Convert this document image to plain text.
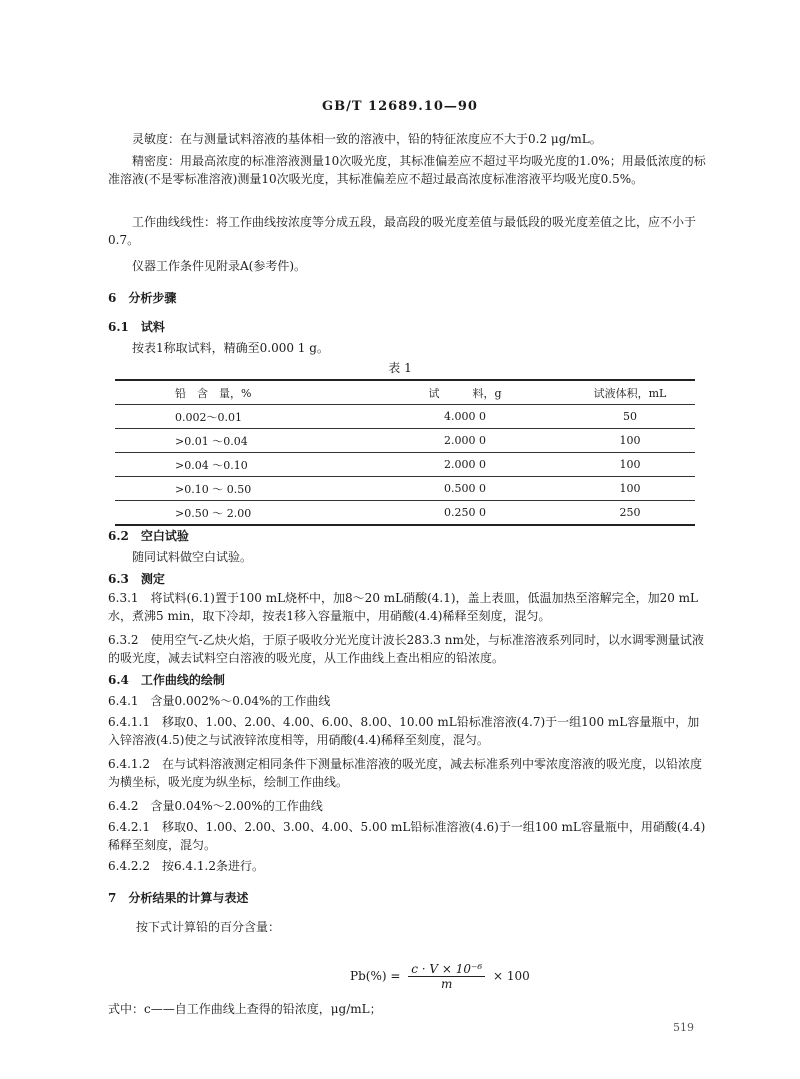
GB/T 12689.10—90

灵敏度：在与测量试料溶液的基体相一致的溶液中，铅的特征浓度应不大于0.2 μg/mL。

精密度：用最高浓度的标准溶液测量10次吸光度，其标准偏差应不超过平均吸光度的1.0%；用最低浓度的标准溶液(不是零标准溶液)测量10次吸光度，其标准偏差应不超过最高浓度标准溶液平均吸光度0.5%。

工作曲线线性：将工作曲线按浓度等分成五段，最高段的吸光度差值与最低段的吸光度差值之比，应不小于0.7。

仪器工作条件见附录A(参考件)。

6　分析步骤

6.1　试料

按表1称取试料，精确至0.000 1 g。

表 1
铅　含　量，%	试　　　料，g	试液体积，mL
0.002～0.01	4.000 0	50
>0.01 ～0.04	2.000 0	100
>0.04 ～0.10	2.000 0	100
>0.10 ～ 0.50	0.500 0	100
>0.50 ～ 2.00	0.250 0	250

6.2　空白试验

随同试料做空白试验。

6.3　测定

6.3.1　将试料(6.1)置于100 mL烧杯中，加8～20 mL硝酸(4.1)，盖上表皿，低温加热至溶解完全，加20 mL水，煮沸5 min，取下冷却，按表1移入容量瓶中，用硝酸(4.4)稀释至刻度，混匀。

6.3.2　使用空气-乙炔火焰，于原子吸收分光光度计波长283.3 nm处，与标准溶液系列同时，以水调零测量试液的吸光度，减去试料空白溶液的吸光度，从工作曲线上查出相应的铅浓度。

6.4　工作曲线的绘制

6.4.1　含量0.002%～0.04%的工作曲线

6.4.1.1　移取0、1.00、2.00、4.00、6.00、8.00、10.00 mL铅标准溶液(4.7)于一组100 mL容量瓶中，加入锌溶液(4.5)使之与试液锌浓度相等，用硝酸(4.4)稀释至刻度，混匀。

6.4.1.2　在与试料溶液测定相同条件下测量标准溶液的吸光度，减去标准系列中零浓度溶液的吸光度，以铅浓度为横坐标，吸光度为纵坐标，绘制工作曲线。

6.4.2　含量0.04%～2.00%的工作曲线

6.4.2.1　移取0、1.00、2.00、3.00、4.00、5.00 mL铅标准溶液(4.6)于一组100 mL容量瓶中，用硝酸(4.4)稀释至刻度，混匀。

6.4.2.2　按6.4.1.2条进行。

7　分析结果的计算与表述

按下式计算铅的百分含量：

$Pb(\%) = \frac{\text{c · V × 10⁻⁶}}{m} \times 100$

式中：c——自工作曲线上查得的铅浓度，μg/mL；

519
